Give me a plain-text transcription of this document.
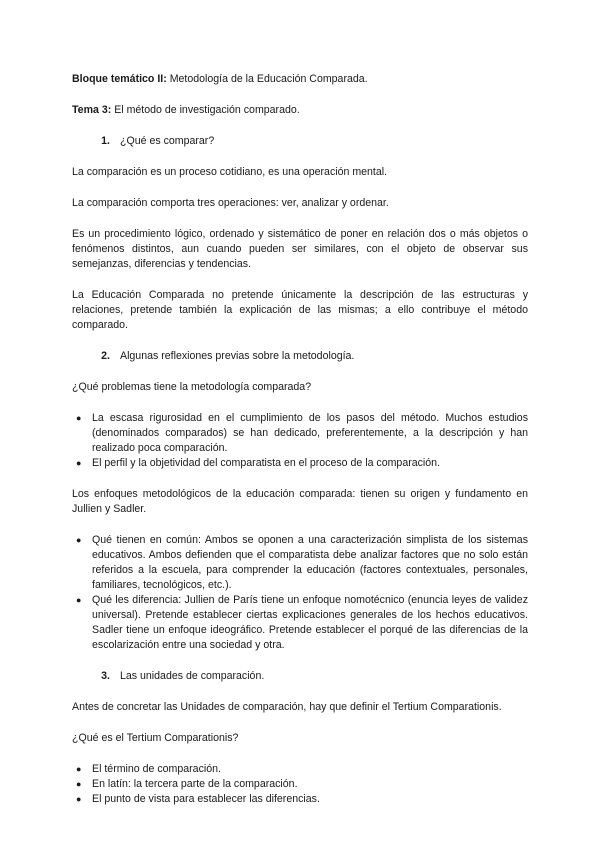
Bloque temático II: Metodología de la Educación Comparada.

Tema 3: El método de investigación comparado.

1. ¿Qué es comparar?

La comparación es un proceso cotidiano, es una operación mental.

La comparación comporta tres operaciones: ver, analizar y ordenar.

Es un procedimiento lógico, ordenado y sistemático de poner en relación dos o más objetos o fenómenos distintos, aun cuando pueden ser similares, con el objeto de observar sus semejanzas, diferencias y tendencias.

La Educación Comparada no pretende únicamente la descripción de las estructuras y relaciones, pretende también la explicación de las mismas; a ello contribuye el método comparado.

2. Algunas reflexiones previas sobre la metodología.

¿Qué problemas tiene la metodología comparada?

● La escasa rigurosidad en el cumplimiento de los pasos del método. Muchos estudios (denominados comparados) se han dedicado, preferentemente, a la descripción y han realizado poca comparación.
● El perfil y la objetividad del comparatista en el proceso de la comparación.

Los enfoques metodológicos de la educación comparada: tienen su origen y fundamento en Jullien y Sadler.

● Qué tienen en común: Ambos se oponen a una caracterización simplista de los sistemas educativos. Ambos defienden que el comparatista debe analizar factores que no solo están referidos a la escuela, para comprender la educación (factores contextuales, personales, familiares, tecnológicos, etc.).
● Qué les diferencia: Jullien de París tiene un enfoque nomotécnico (enuncia leyes de validez universal). Pretende establecer ciertas explicaciones generales de los hechos educativos. Sadler tiene un enfoque ideográfico. Pretende establecer el porqué de las diferencias de la escolarización entre una sociedad y otra.
3. Las unidades de comparación.

Antes de concretar las Unidades de comparación, hay que definir el Tertium Comparationis.

¿Qué es el Tertium Comparationis?

● El término de comparación.
● En latín: la tercera parte de la comparación.
● El punto de vista para establecer las diferencias.
